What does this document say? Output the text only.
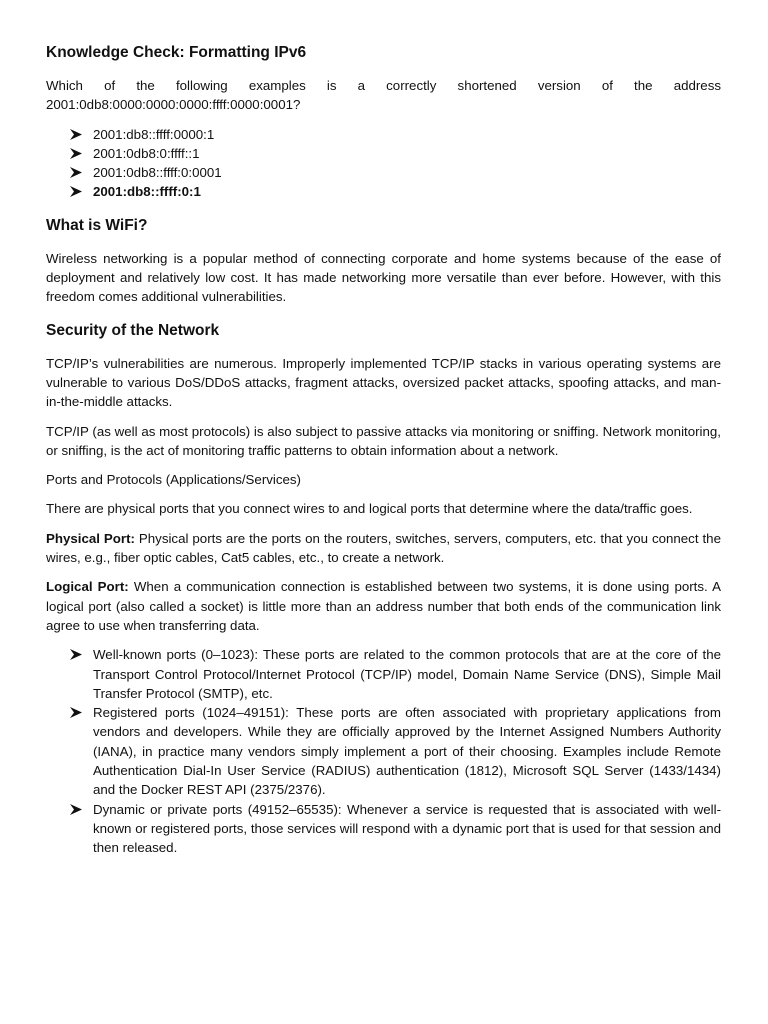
Knowledge Check: Formatting IPv6

Which of the following examples is a correctly shortened version of the address 2001:0db8:0000:0000:0000:ffff:0000:0001?

2001:db8::ffff:0000:1
2001:0db8:0:ffff::1
2001:0db8::ffff:0:0001
2001:db8::ffff:0:1
What is WiFi?

Wireless networking is a popular method of connecting corporate and home systems because of the ease of deployment and relatively low cost. It has made networking more versatile than ever before. However, with this freedom comes additional vulnerabilities.

Security of the Network

TCP/IP’s vulnerabilities are numerous. Improperly implemented TCP/IP stacks in various operating systems are vulnerable to various DoS/DDoS attacks, fragment attacks, oversized packet attacks, spoofing attacks, and man-in-the-middle attacks.

TCP/IP (as well as most protocols) is also subject to passive attacks via monitoring or sniffing. Network monitoring, or sniffing, is the act of monitoring traffic patterns to obtain information about a network.

Ports and Protocols (Applications/Services)

There are physical ports that you connect wires to and logical ports that determine where the data/traffic goes.

Physical Port: Physical ports are the ports on the routers, switches, servers, computers, etc. that you connect the wires, e.g., fiber optic cables, Cat5 cables, etc., to create a network.

Logical Port: When a communication connection is established between two systems, it is done using ports. A logical port (also called a socket) is little more than an address number that both ends of the communication link agree to use when transferring data.

Well-known ports (0–1023): These ports are related to the common protocols that are at the core of the Transport Control Protocol/Internet Protocol (TCP/IP) model, Domain Name Service (DNS), Simple Mail Transfer Protocol (SMTP), etc.
Registered ports (1024–49151): These ports are often associated with proprietary applications from vendors and developers. While they are officially approved by the Internet Assigned Numbers Authority (IANA), in practice many vendors simply implement a port of their choosing. Examples include Remote Authentication Dial-In User Service (RADIUS) authentication (1812), Microsoft SQL Server (1433/1434) and the Docker REST API (2375/2376).
Dynamic or private ports (49152–65535): Whenever a service is requested that is associated with well-known or registered ports, those services will respond with a dynamic port that is used for that session and then released.
